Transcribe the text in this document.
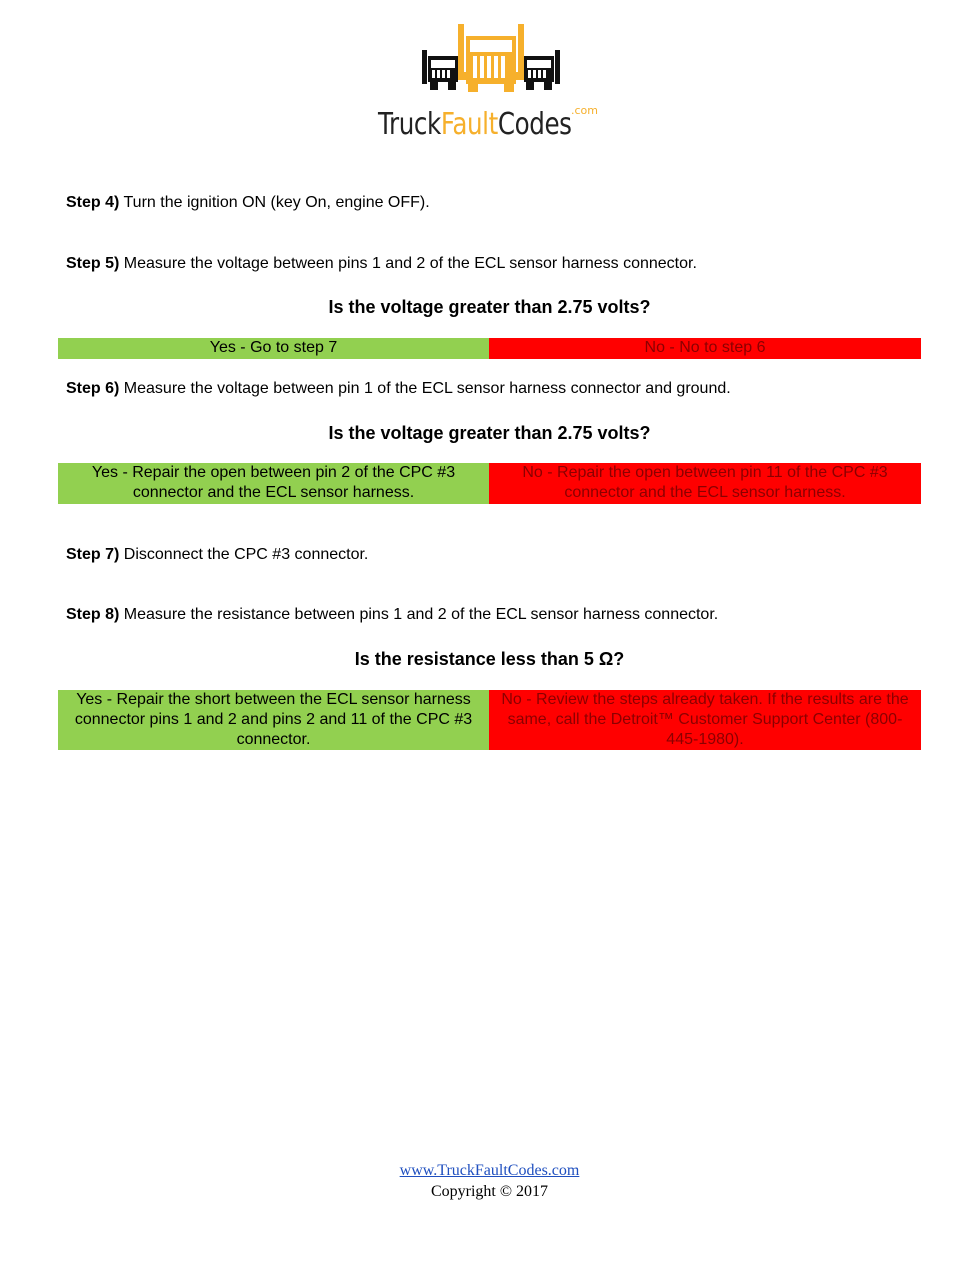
TruckFaultCodes .com
Step 4) Turn the ignition ON (key On, engine OFF).
Step 5) Measure the voltage between pins 1 and 2 of the ECL sensor harness connector.
Is the voltage greater than 2.75 volts?
Yes - Go to step 7	No - No to step 6
Step 6) Measure the voltage between pin 1 of the ECL sensor harness connector and ground.
Is the voltage greater than 2.75 volts?
Yes - Repair the open between pin 2 of the CPC #3 connector and the ECL sensor harness.
No - Repair the open between pin 11 of the CPC #3 connector and the ECL sensor harness.
Step 7) Disconnect the CPC #3 connector.
Step 8) Measure the resistance between pins 1 and 2 of the ECL sensor harness connector.
Is the resistance less than 5 Ω?
Yes - Repair the short between the ECL sensor harness connector pins 1 and 2 and pins 2 and 11 of the CPC #3 connector.
No - Review the steps already taken. If the results are the same, call the Detroit™ Customer Support Center (800-445-1980).
www.TruckFaultCodes.com
Copyright © 2017
